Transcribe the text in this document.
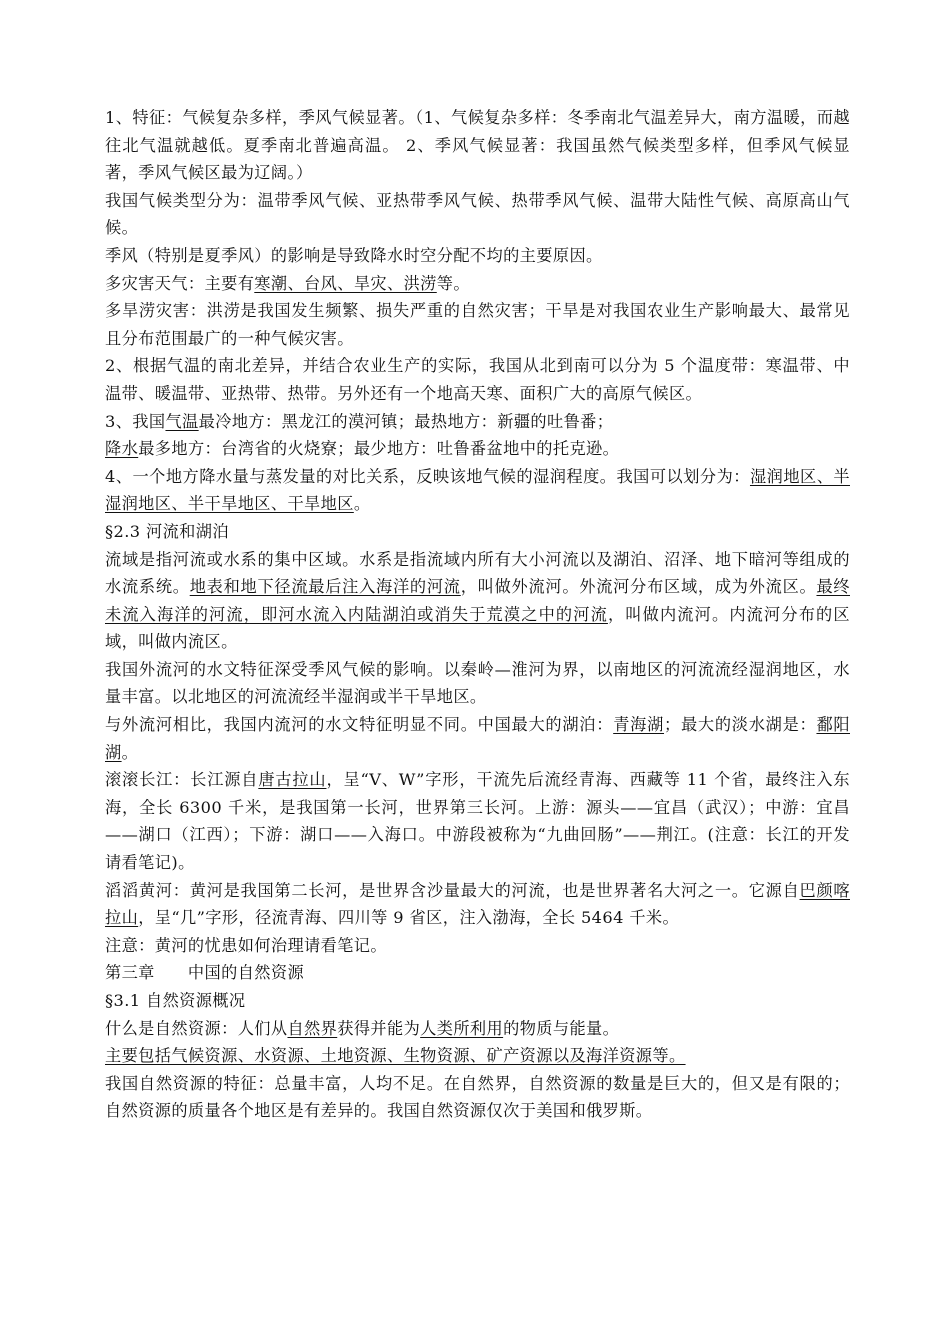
1、特征：气候复杂多样，季风气候显著。（1、气候复杂多样：冬季南北气温差异大，南方温暖，而越往北气温就越低。夏季南北普遍高温。 2、季风气候显著：我国虽然气候类型多样，但季风气候显著，季风气候区最为辽阔。）

我国气候类型分为：温带季风气候、亚热带季风气候、热带季风气候、温带大陆性气候、高原高山气候。

季风（特别是夏季风）的影响是导致降水时空分配不均的主要原因。

多灾害天气：主要有寒潮、台风、旱灾、洪涝等。

多旱涝灾害：洪涝是我国发生频繁、损失严重的自然灾害；干旱是对我国农业生产影响最大、最常见且分布范围最广的一种气候灾害。

2、根据气温的南北差异，并结合农业生产的实际，我国从北到南可以分为 5 个温度带：寒温带、中温带、暖温带、亚热带、热带。另外还有一个地高天寒、面积广大的高原气候区。

3、我国气温最冷地方：黑龙江的漠河镇；最热地方：新疆的吐鲁番；

降水最多地方：台湾省的火烧寮；最少地方：吐鲁番盆地中的托克逊。

4、一个地方降水量与蒸发量的对比关系，反映该地气候的湿润程度。我国可以划分为：湿润地区、半湿润地区、半干旱地区、干旱地区。

§2.3 河流和湖泊

流域是指河流或水系的集中区域。水系是指流域内所有大小河流以及湖泊、沼泽、地下暗河等组成的水流系统。地表和地下径流最后注入海洋的河流，叫做外流河。外流河分布区域，成为外流区。最终未流入海洋的河流，即河水流入内陆湖泊或消失于荒漠之中的河流，叫做内流河。内流河分布的区域，叫做内流区。

我国外流河的水文特征深受季风气候的影响。以秦岭—淮河为界，以南地区的河流流经湿润地区，水量丰富。以北地区的河流流经半湿润或半干旱地区。

与外流河相比，我国内流河的水文特征明显不同。中国最大的湖泊：青海湖；最大的淡水湖是：鄱阳湖。

滚滚长江：长江源自唐古拉山，呈“V、W”字形，干流先后流经青海、西藏等 11 个省，最终注入东海，全长 6300 千米，是我国第一长河，世界第三长河。上游：源头——宜昌（武汉）；中游：宜昌——湖口（江西）；下游：湖口——入海口。中游段被称为“九曲回肠”——荆江。(注意：长江的开发请看笔记)。

滔滔黄河：黄河是我国第二长河，是世界含沙量最大的河流，也是世界著名大河之一。它源自巴颜喀拉山，呈“几”字形，径流青海、四川等 9 省区，注入渤海，全长 5464 千米。

注意：黄河的忧患如何治理请看笔记。

第三章　　中国的自然资源

§3.1 自然资源概况

什么是自然资源：人们从自然界获得并能为人类所利用的物质与能量。

主要包括气候资源、水资源、土地资源、生物资源、矿产资源以及海洋资源等。

我国自然资源的特征：总量丰富，人均不足。在自然界，自然资源的数量是巨大的，但又是有限的；自然资源的质量各个地区是有差异的。我国自然资源仅次于美国和俄罗斯。
